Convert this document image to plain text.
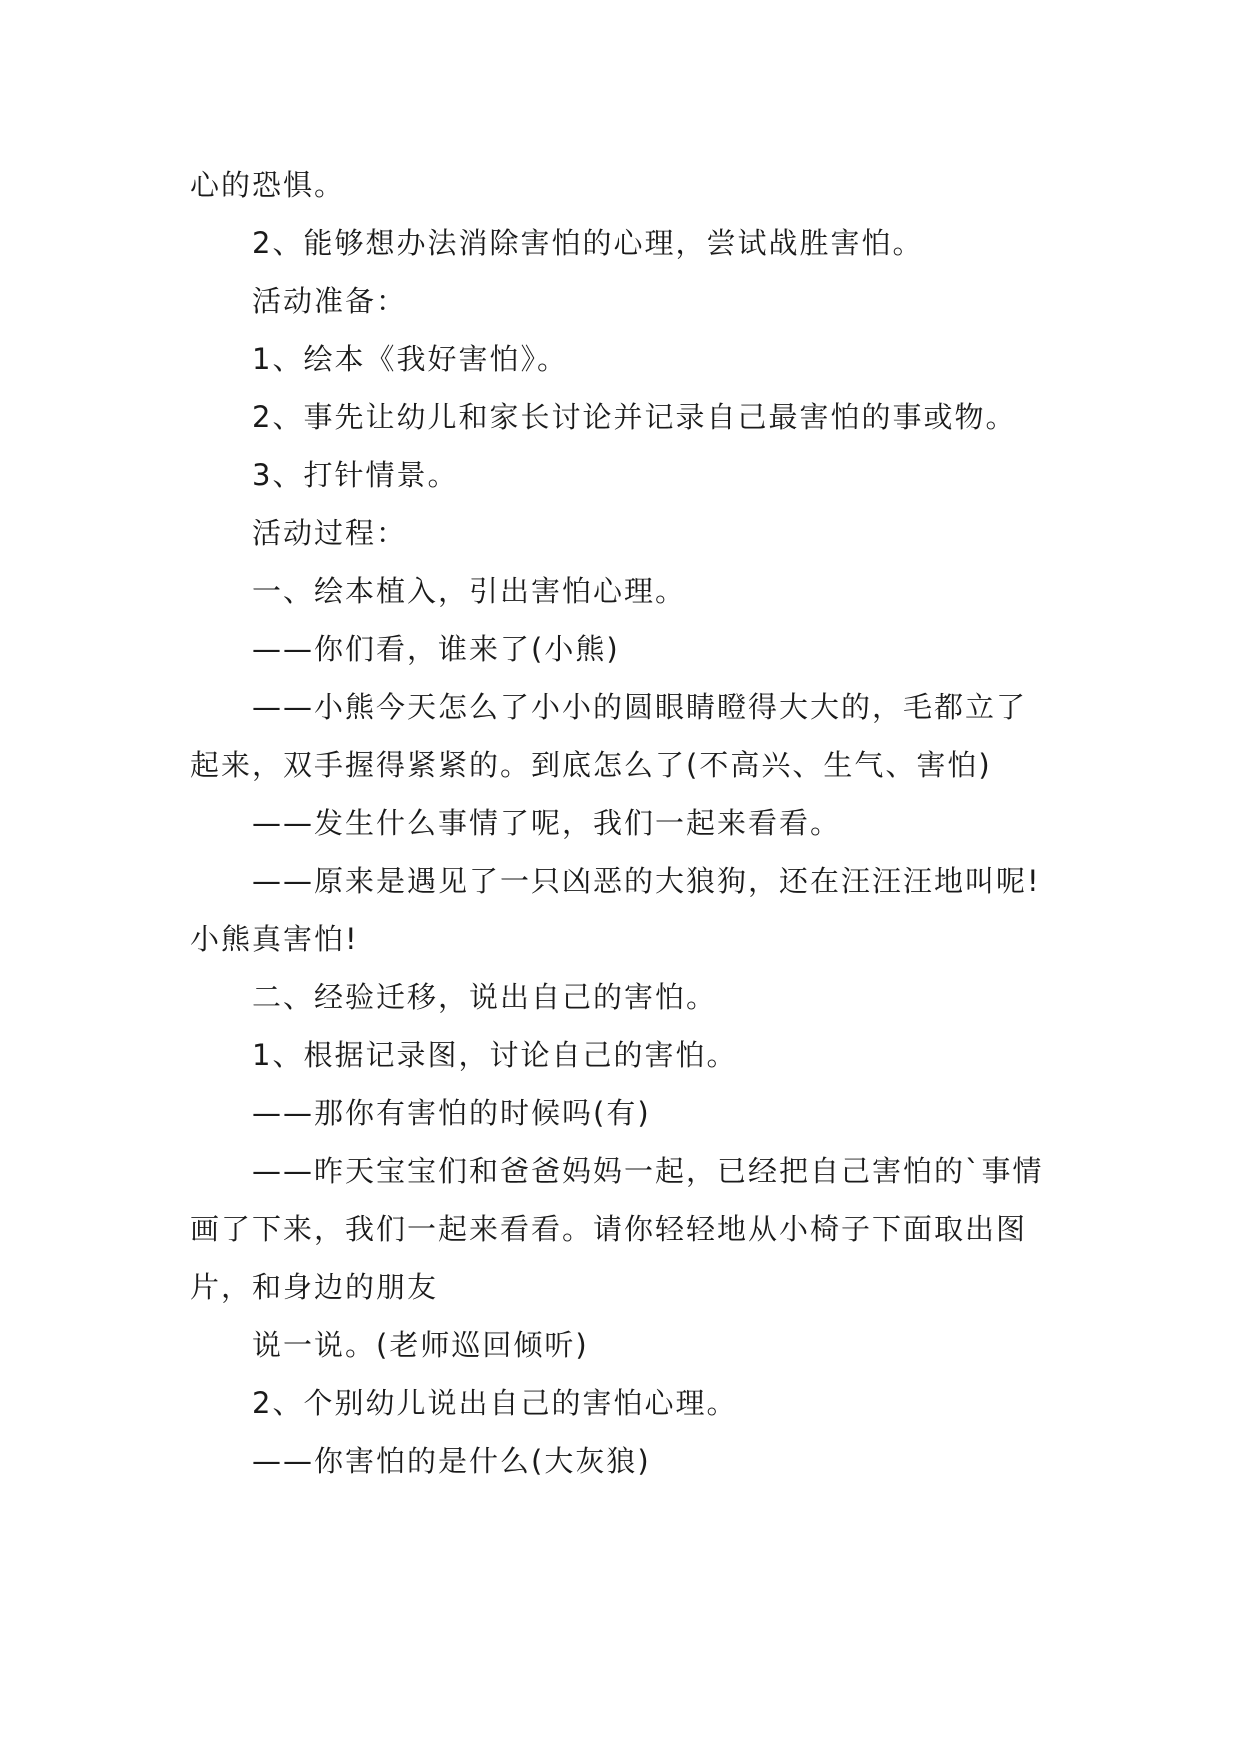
心的恐惧。

2、能够想办法消除害怕的心理，尝试战胜害怕。

活动准备：

1、绘本《我好害怕》。

2、事先让幼儿和家长讨论并记录自己最害怕的事或物。

3、打针情景。

活动过程：

一、绘本植入，引出害怕心理。

——你们看，谁来了(小熊)

——小熊今天怎么了小小的圆眼睛瞪得大大的，毛都立了起来，双手握得紧紧的。到底怎么了(不高兴、生气、害怕)

——发生什么事情了呢，我们一起来看看。

——原来是遇见了一只凶恶的大狼狗，还在汪汪汪地叫呢!小熊真害怕!

二、经验迁移，说出自己的害怕。

1、根据记录图，讨论自己的害怕。

——那你有害怕的时候吗(有)

——昨天宝宝们和爸爸妈妈一起，已经把自己害怕的`事情画了下来，我们一起来看看。请你轻轻地从小椅子下面取出图片，和身边的朋友

说一说。(老师巡回倾听)

2、个别幼儿说出自己的害怕心理。

——你害怕的是什么(大灰狼)
